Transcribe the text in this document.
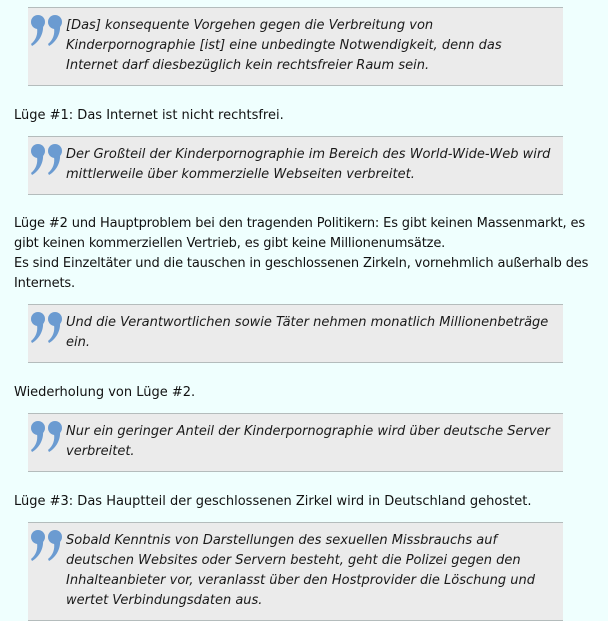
[Das] konsequente Vorgehen gegen die Verbreitung von Kinderpornographie [ist] eine unbedingte Notwendigkeit, denn das Internet darf diesbezüglich kein rechtsfreier Raum sein.

Lüge #1: Das Internet ist nicht rechtsfrei.

Der Großteil der Kinderpornographie im Bereich des World-Wide-Web wird mittlerweile über kommerzielle Webseiten verbreitet.
Lüge #2 und Hauptproblem bei den tragenden Politikern: Es gibt keinen Massenmarkt, es gibt keinen kommerziellen Vertrieb, es gibt keine Millionenumsätze.
Es sind Einzeltäter und die tauschen in geschlossenen Zirkeln, vornehmlich außerhalb des Internets.
Und die Verantwortlichen sowie Täter nehmen monatlich Millionenbeträge ein.

Wiederholung von Lüge #2.

Nur ein geringer Anteil der Kinderpornographie wird über deutsche Server verbreitet.

Lüge #3: Das Hauptteil der geschlossenen Zirkel wird in Deutschland gehostet.

Sobald Kenntnis von Darstellungen des sexuellen Missbrauchs auf deutschen Websites oder Servern besteht, geht die Polizei gegen den Inhalteanbieter vor, veranlasst über den Hostprovider die Löschung und wertet Verbindungsdaten aus.
